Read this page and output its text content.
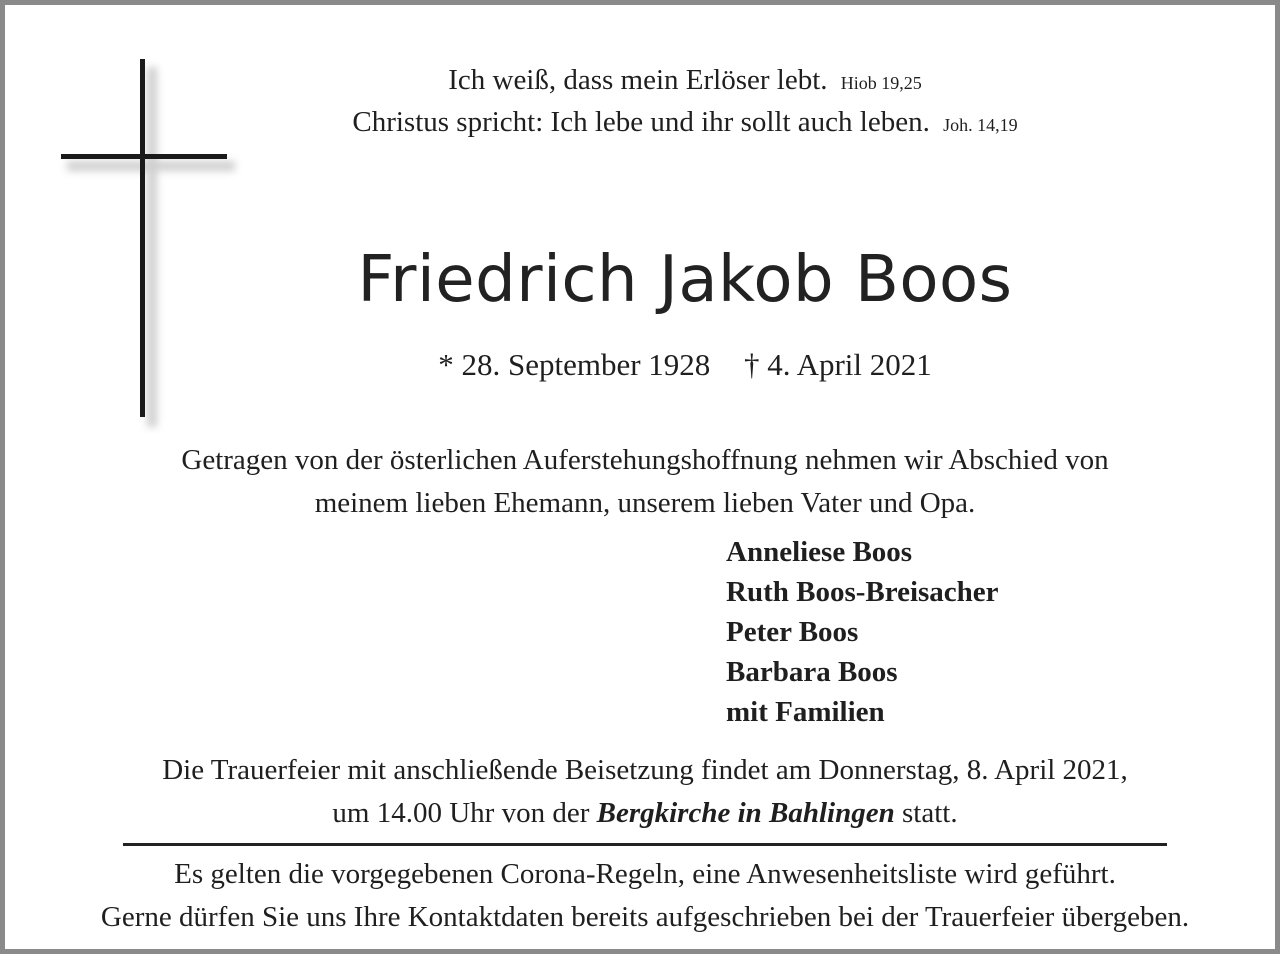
Ich weiß, dass mein Erlöser lebt. Hiob 19,25
Christus spricht: Ich lebe und ihr sollt auch leben. Joh. 14,19
Friedrich Jakob Boos
* 28. September 1928 † 4. April 2021
Getragen von der österlichen Auferstehungshoffnung nehmen wir Abschied von
meinem lieben Ehemann, unserem lieben Vater und Opa.
Anneliese Boos
Ruth Boos-Breisacher
Peter Boos
Barbara Boos
mit Familien
Die Trauerfeier mit anschließende Beisetzung findet am Donnerstag, 8. April 2021,
um 14.00 Uhr von der Bergkirche in Bahlingen statt.
Es gelten die vorgegebenen Corona-Regeln, eine Anwesenheitsliste wird geführt.
Gerne dürfen Sie uns Ihre Kontaktdaten bereits aufgeschrieben bei der Trauerfeier übergeben.
